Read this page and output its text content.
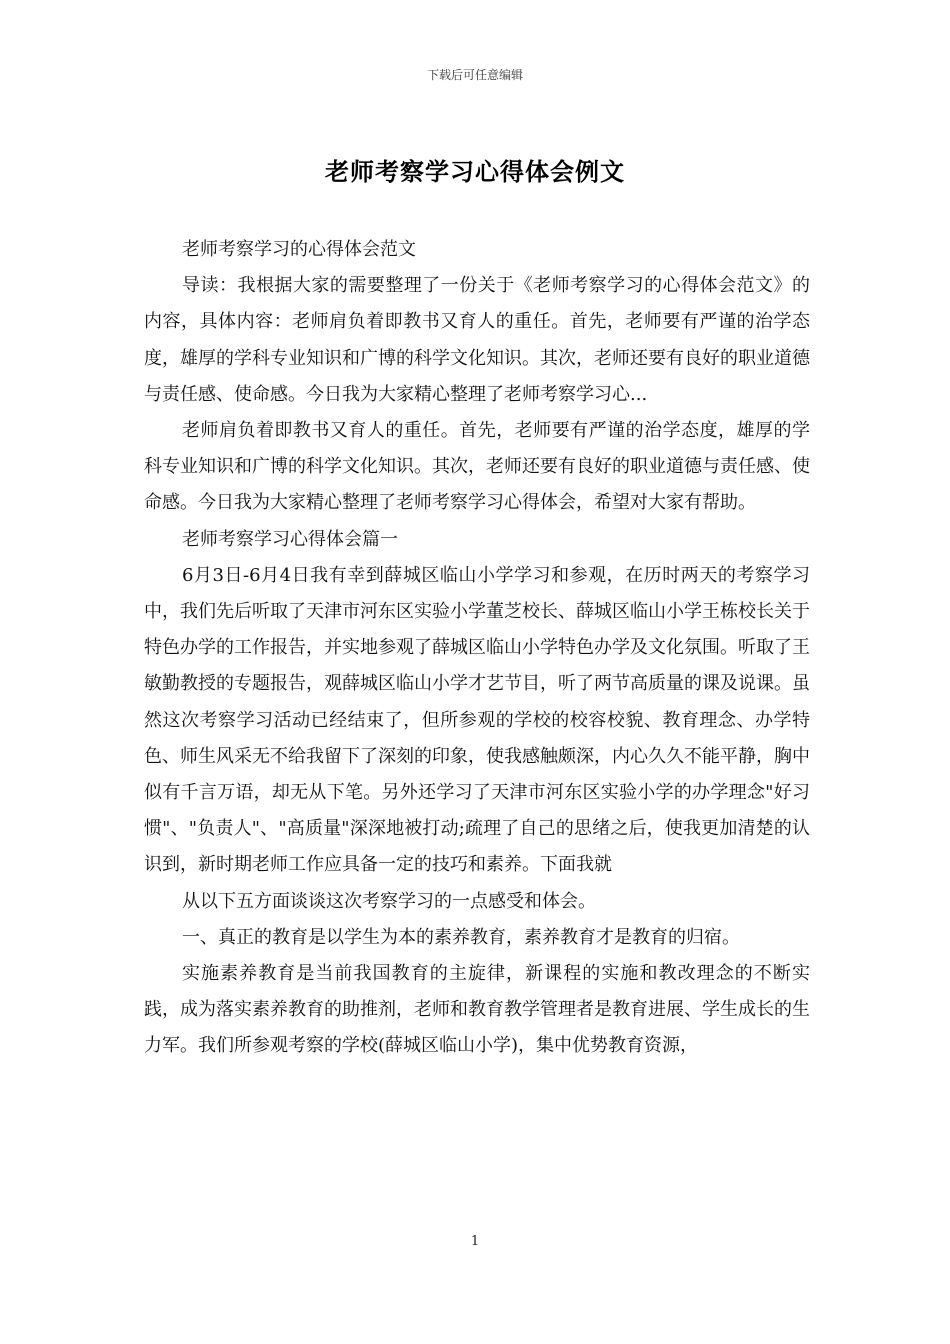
下载后可任意编辑
老师考察学习心得体会例文

老师考察学习的心得体会范文

导读：我根据大家的需要整理了一份关于《老师考察学习的心得体会范文》的内容，具体内容：老师肩负着即教书又育人的重任。首先，老师要有严谨的治学态度，雄厚的学科专业知识和广博的科学文化知识。其次，老师还要有良好的职业道德与责任感、使命感。今日我为大家精心整理了老师考察学习心...

老师肩负着即教书又育人的重任。首先，老师要有严谨的治学态度，雄厚的学科专业知识和广博的科学文化知识。其次，老师还要有良好的职业道德与责任感、使命感。今日我为大家精心整理了老师考察学习心得体会，希望对大家有帮助。

老师考察学习心得体会篇一

6月3日-6月4日我有幸到薛城区临山小学学习和参观，在历时两天的考察学习中，我们先后听取了天津市河东区实验小学董芝校长、薛城区临山小学王栋校长关于特色办学的工作报告，并实地参观了薛城区临山小学特色办学及文化氛围。听取了王敏勤教授的专题报告，观薛城区临山小学才艺节目，听了两节高质量的课及说课。虽然这次考察学习活动已经结束了，但所参观的学校的校容校貌、教育理念、办学特色、师生风采无不给我留下了深刻的印象，使我感触颇深，内心久久不能平静，胸中似有千言万语，却无从下笔。另外还学习了天津市河东区实验小学的办学理念"好习惯"、"负责人"、"高质量"深深地被打动;疏理了自己的思绪之后，使我更加清楚的认识到，新时期老师工作应具备一定的技巧和素养。下面我就

从以下五方面谈谈这次考察学习的一点感受和体会。

一、真正的教育是以学生为本的素养教育，素养教育才是教育的归宿。

实施素养教育是当前我国教育的主旋律，新课程的实施和教改理念的不断实践，成为落实素养教育的助推剂，老师和教育教学管理者是教育进展、学生成长的生力军。我们所参观考察的学校(薛城区临山小学)，集中优势教育资源，

1
